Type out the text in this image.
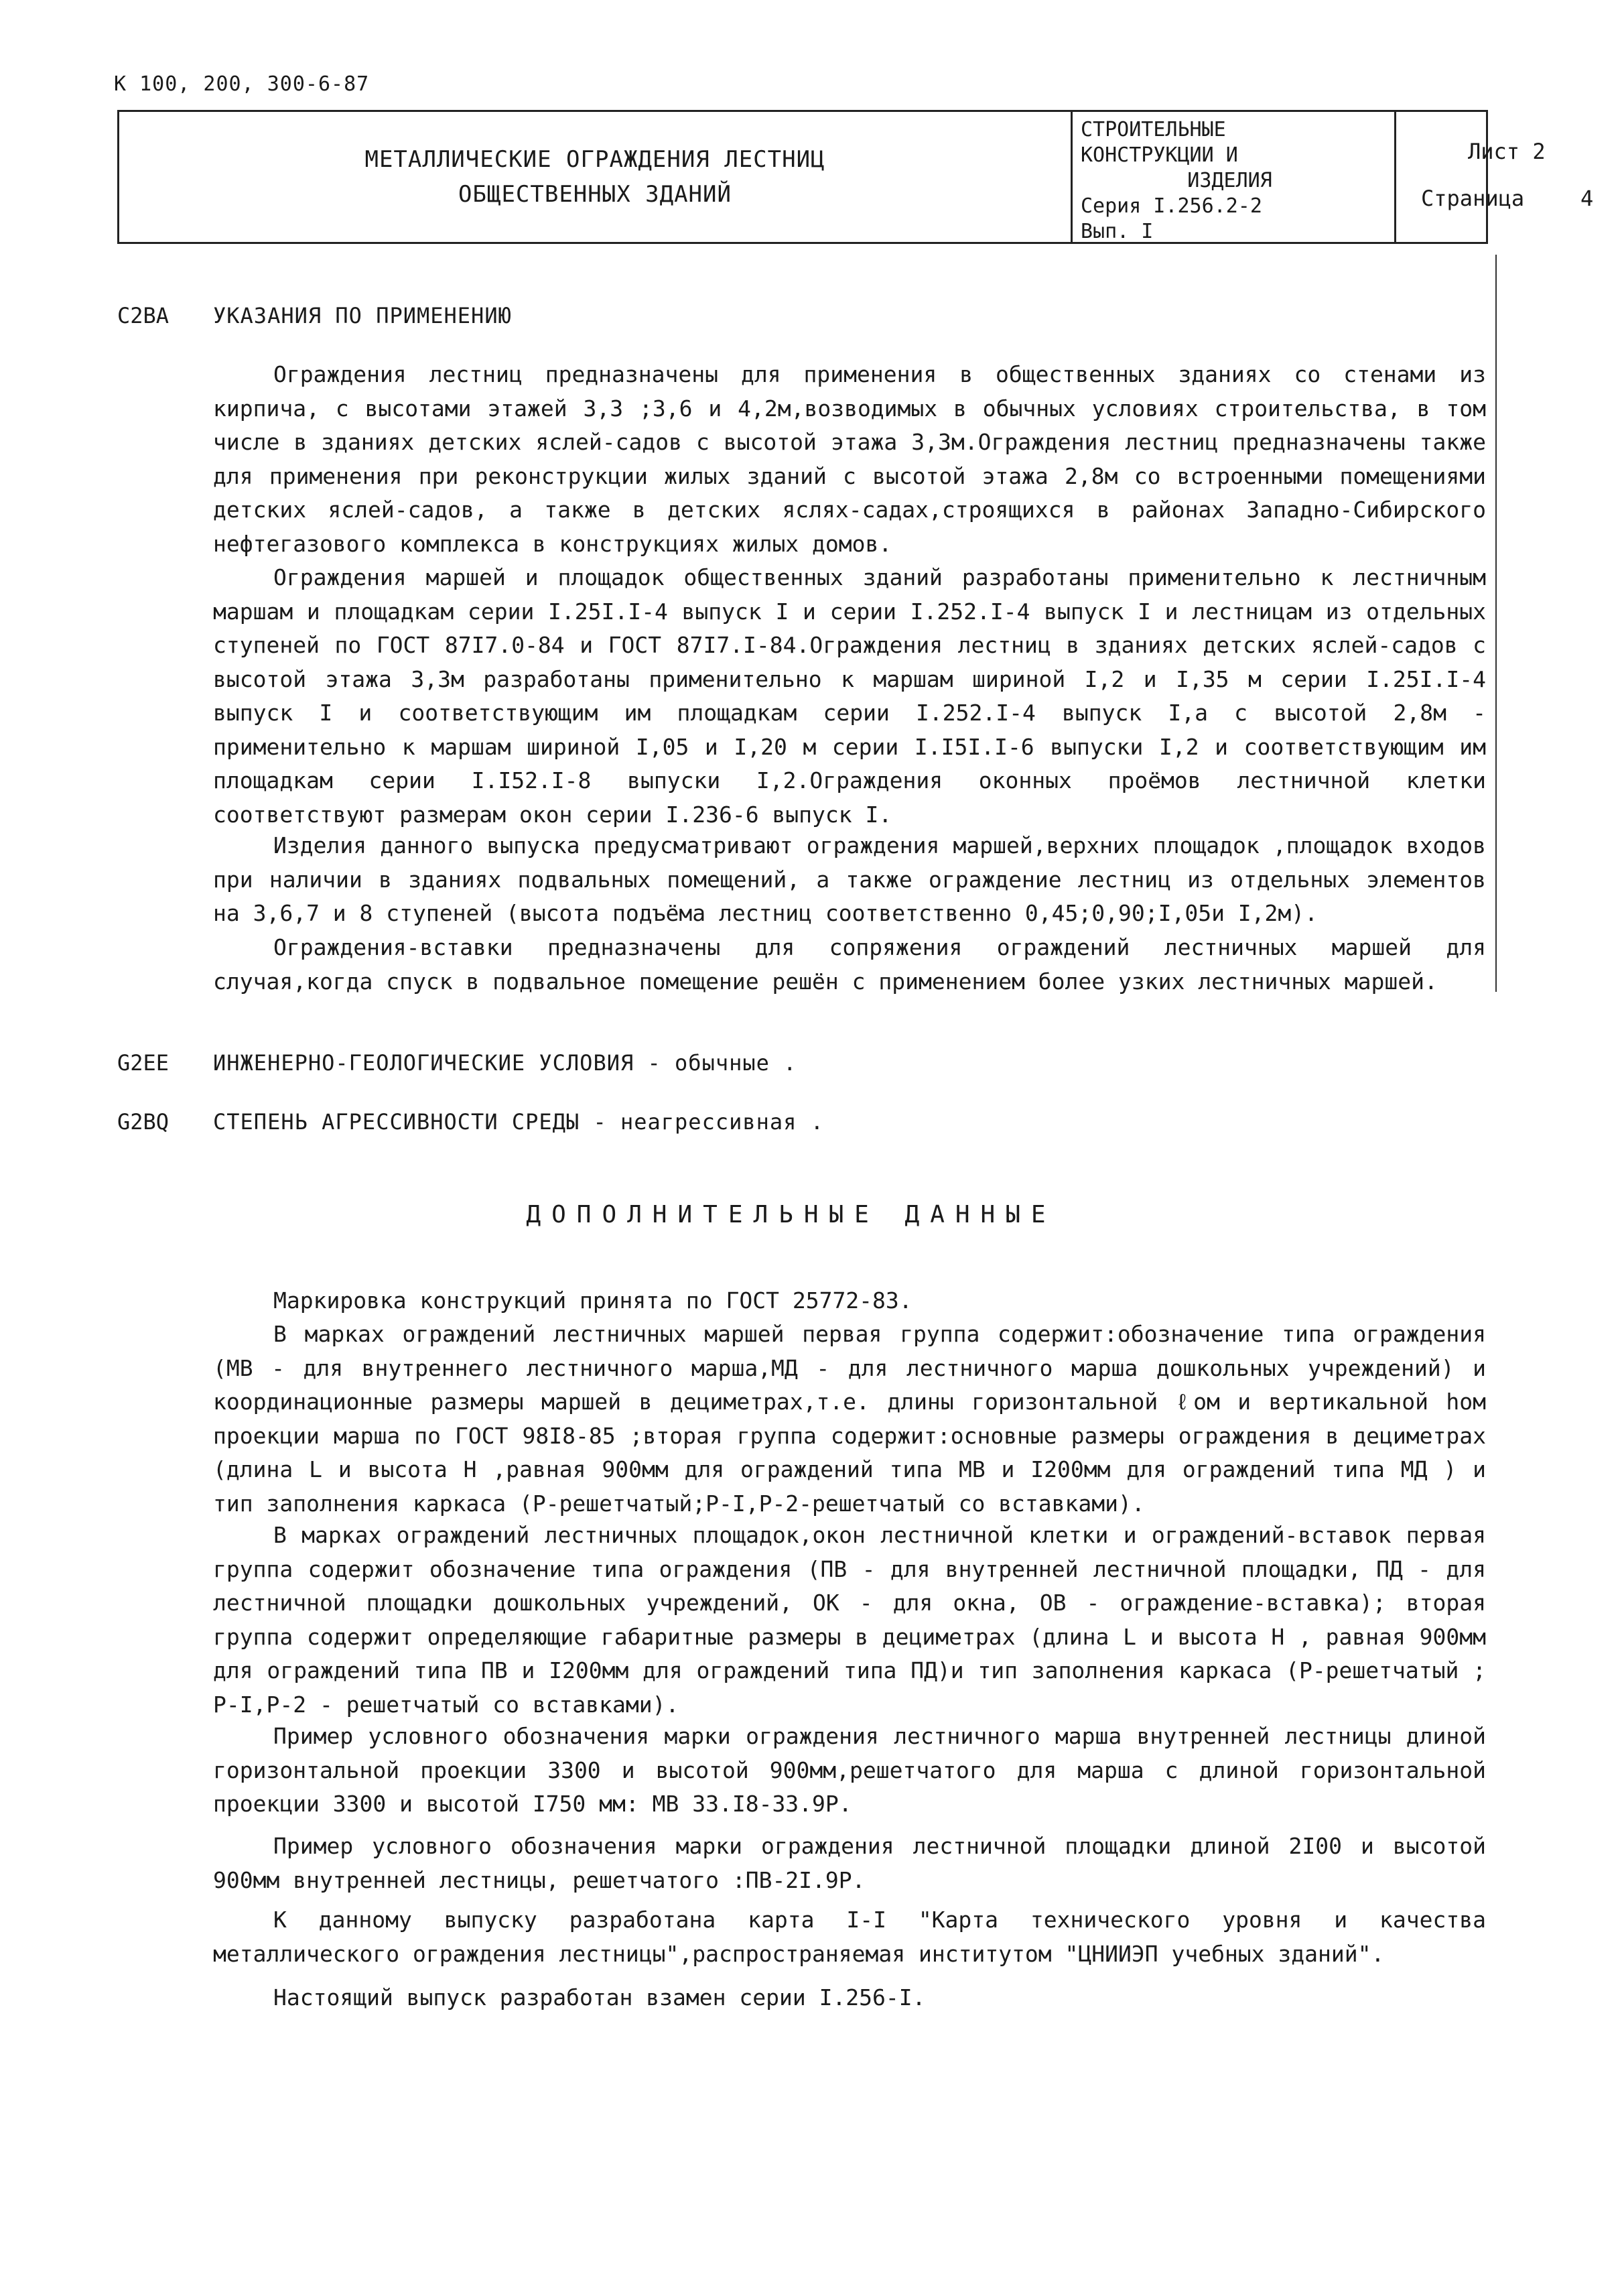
К 100, 200, 300-6-87
МЕТАЛЛИЧЕСКИЕ ОГРАЖДЕНИЯ ЛЕСТНИЦ
ОБЩЕСТВЕННЫХ ЗДАНИЙ
СТРОИТЕЛЬНЫЕ
КОНСТРУКЦИИ И
ИЗДЕЛИЯ
Серия I.256.2-2
Вып. I
Лист 2
Страница	4
С2ВА УКАЗАНИЯ ПО ПРИМЕНЕНИЮ
Ограждения лестниц предназначены для применения в общественных зданиях со стенами из кирпича, с высотами этажей 3,3 ;3,6 и 4,2м,возводимых в обычных условиях строительства, в том числе в зданиях детских яслей-садов с высотой этажа 3,3м.Ограждения лестниц предназначены также для применения при реконструкции жилых зданий с высотой этажа 2,8м со встроенными помещениями детских яслей-садов, а также в детских яслях-садах,строящихся в районах Западно-Сибирского нефтегазового комплекса в конструкциях жилых домов.
Ограждения маршей и площадок общественных зданий разработаны применительно к лестничным маршам и площадкам серии I.25I.I-4 выпуск I и серии I.252.I-4 выпуск I и лестницам из отдельных ступеней по ГОСТ 87I7.0-84 и ГОСТ 87I7.I-84.Ограждения лестниц в зданиях детских яслей-садов с высотой этажа 3,3м разработаны применительно к маршам шириной I,2 и I,35 м серии I.25I.I-4 выпуск I и соответствующим им площадкам серии I.252.I-4 выпуск I,а с высотой 2,8м - применительно к маршам шириной I,05 и I,20 м серии I.I5I.I-6 выпуски I,2 и соответствующим им площадкам серии I.I52.I-8 выпуски I,2.Ограждения оконных проёмов лестничной клетки соответствуют размерам окон серии I.236-6 выпуск I.
Изделия данного выпуска предусматривают ограждения маршей,верхних площадок ,площадок входов при наличии в зданиях подвальных помещений, а также ограждение лестниц из отдельных элементов на 3,6,7 и 8 ступеней (высота подъёма лестниц соответственно 0,45;0,90;I,05и I,2м).
Ограждения-вставки предназначены для сопряжения ограждений лестничных маршей для случая,когда спуск в подвальное помещение решён с применением более узких лестничных маршей.
G2EE ИНЖЕНЕРНО-ГЕОЛОГИЧЕСКИЕ УСЛОВИЯ - обычные .
G2BQ СТЕПЕНЬ АГРЕССИВНОСТИ СРЕДЫ - неагрессивная .
ДОПОЛНИТЕЛЬНЫЕ ДАННЫЕ
Маркировка конструкций принята по ГОСТ 25772-83.
В марках ограждений лестничных маршей первая группа содержит:обозначение типа ограждения (МВ - для внутреннего лестничного марша,МД - для лестничного марша дошкольных учреждений) и координационные размеры маршей в дециметрах,т.е. длины горизонтальной ℓом и вертикальной hом проекции марша по ГОСТ 98I8-85 ;вторая группа содержит:основные размеры ограждения в дециметрах (длина L и высота Н ,равная 900мм для ограждений типа МВ и I200мм для ограждений типа МД ) и тип заполнения каркаса (Р-решетчатый;Р-I,Р-2-решетчатый со вставками).
В марках ограждений лестничных площадок,окон лестничной клетки и ограждений-вставок первая группа содержит обозначение типа ограждения (ПВ - для внутренней лестничной площадки, ПД - для лестничной площадки дошкольных учреждений, ОК - для окна, ОВ - ограждение-вставка); вторая группа содержит определяющие габаритные размеры в дециметрах (длина L и высота Н , равная 900мм для ограждений типа ПВ и I200мм для ограждений типа ПД)и тип заполнения каркаса (Р-решетчатый ; Р-I,Р-2 - решетчатый со вставками).
Пример условного обозначения марки ограждения лестничного марша внутренней лестницы длиной горизонтальной проекции 3300 и высотой 900мм,решетчатого для марша с длиной горизонтальной проекции 3300 и высотой I750 мм: МВ 33.I8-33.9Р.
Пример условного обозначения марки ограждения лестничной площадки длиной 2I00 и высотой 900мм внутренней лестницы, решетчатого :ПВ-2I.9Р.
К данному выпуску разработана карта I-I "Карта технического уровня и качества металлического ограждения лестницы",распространяемая институтом "ЦНИИЭП учебных зданий".
Настоящий выпуск разработан взамен серии I.256-I.
